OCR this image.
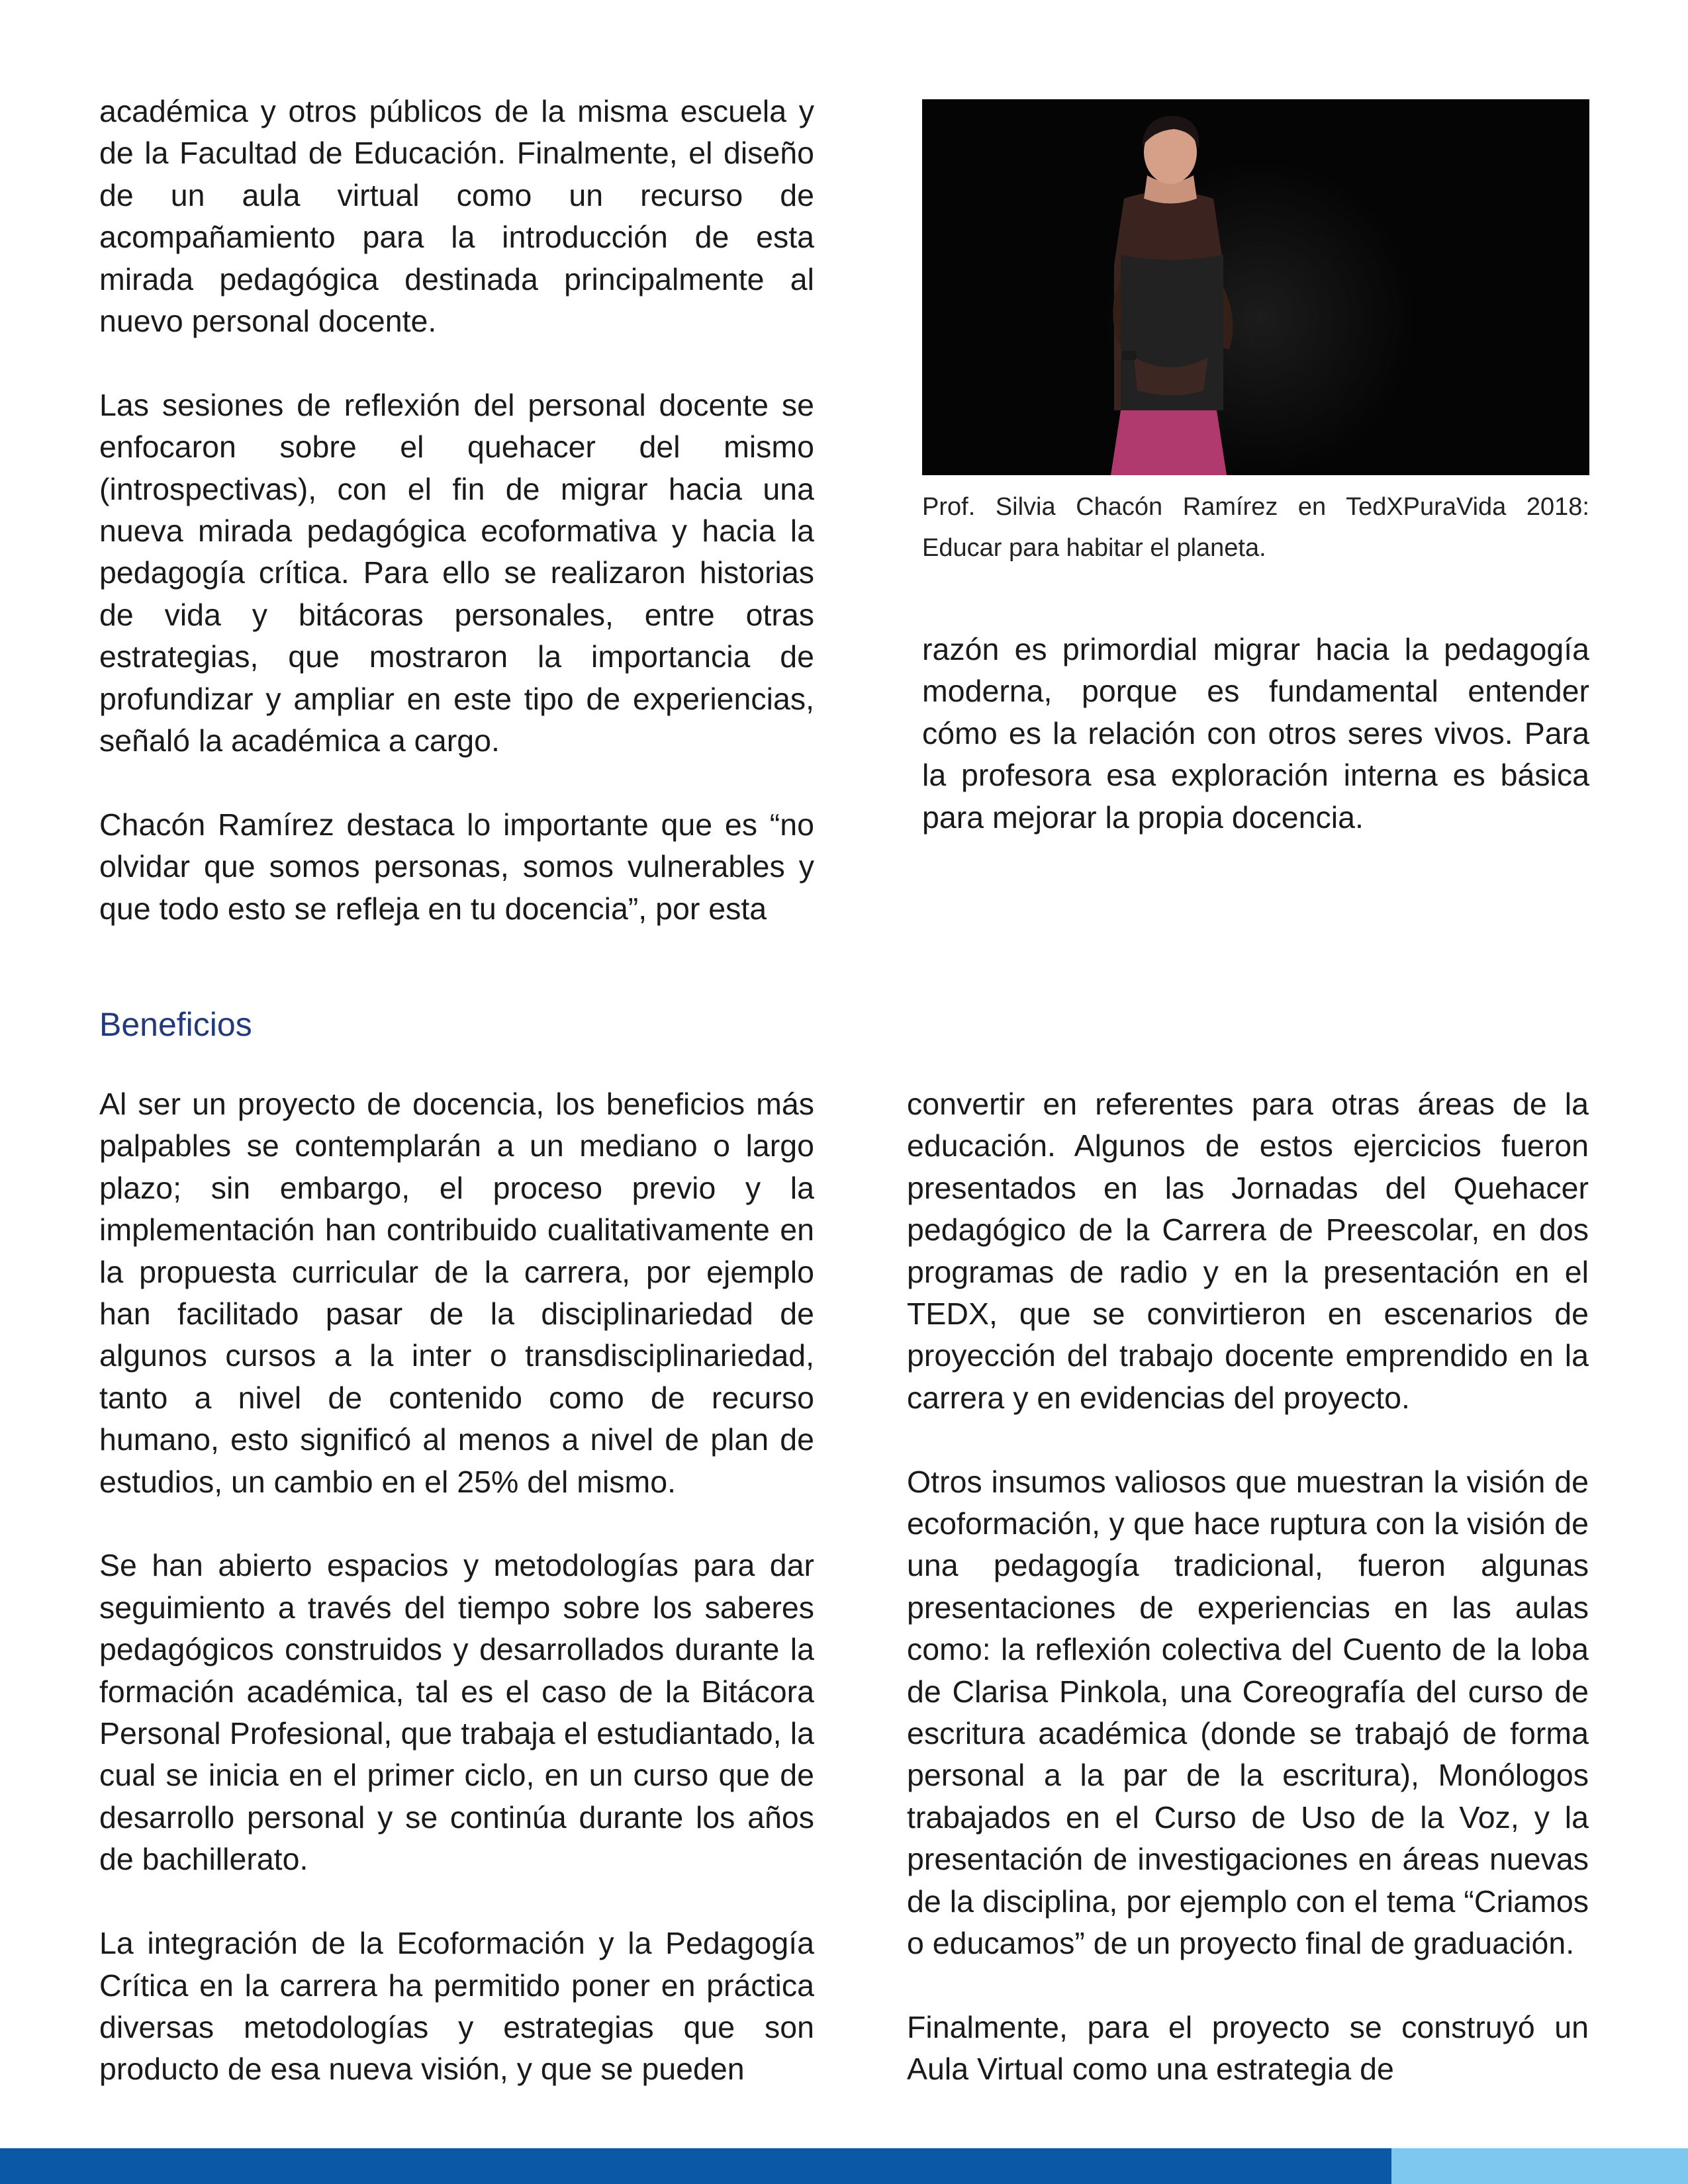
académica y otros públicos de la misma escuela y de la Facultad de Educación. Finalmente, el diseño de un aula virtual como un recurso de acompañamiento para la introducción de esta mirada pedagógica destinada principalmente al nuevo personal docente.

Las sesiones de reflexión del personal docente se enfocaron sobre el quehacer del mismo (introspectivas), con el fin de migrar hacia una nueva mirada pedagógica ecoformativa y hacia la pedagogía crítica. Para ello se realizaron historias de vida y bitácoras personales, entre otras estrategias, que mostraron la importancia de profundizar y ampliar en este tipo de experiencias, señaló la académica a cargo.

Chacón Ramírez destaca lo importante que es “no olvidar que somos personas, somos vulnerables y que todo esto se refleja en tu docencia”, por esta

Prof. Silvia Chacón Ramírez en TedXPuraVida 2018: Educar para habitar el planeta.

razón es primordial migrar hacia la pedagogía moderna, porque es fundamental entender cómo es la relación con otros seres vivos. Para la profesora esa exploración interna es básica para mejorar la propia docencia.

Beneficios

Al ser un proyecto de docencia, los beneficios más palpables se contemplarán a un mediano o largo plazo; sin embargo, el proceso previo y la implementación han contribuido cualitativamente en la propuesta curricular de la carrera, por ejemplo han facilitado pasar de la disciplinariedad de algunos cursos a la inter o transdisciplinariedad, tanto a nivel de contenido como de recurso humano, esto significó al menos a nivel de plan de estudios, un cambio en el 25% del mismo.

Se han abierto espacios y metodologías para dar seguimiento a través del tiempo sobre los saberes pedagógicos construidos y desarrollados durante la formación académica, tal es el caso de la Bitácora Personal Profesional, que trabaja el estudiantado, la cual se inicia en el primer ciclo, en un curso que de desarrollo personal y se continúa durante los años de bachillerato.

La integración de la Ecoformación y la Pedagogía Crítica en la carrera ha permitido poner en práctica diversas metodologías y estrategias que son producto de esa nueva visión, y que se pueden

convertir en referentes para otras áreas de la educación. Algunos de estos ejercicios fueron presentados en las Jornadas del Quehacer pedagógico de la Carrera de Preescolar, en dos programas de radio y en la presentación en el TEDX, que se convirtieron en escenarios de proyección del trabajo docente emprendido en la carrera y en evidencias del proyecto.

Otros insumos valiosos que muestran la visión de ecoformación, y que hace ruptura con la visión de una pedagogía tradicional, fueron algunas presentaciones de experiencias en las aulas como: la reflexión colectiva del Cuento de la loba de Clarisa Pinkola, una Coreografía del curso de escritura académica (donde se trabajó de forma personal a la par de la escritura), Monólogos trabajados en el Curso de Uso de la Voz, y la presentación de investigaciones en áreas nuevas de la disciplina, por ejemplo con el tema “Criamos o educamos” de un proyecto final de graduación.

Finalmente, para el proyecto se construyó un Aula Virtual como una estrategia de
